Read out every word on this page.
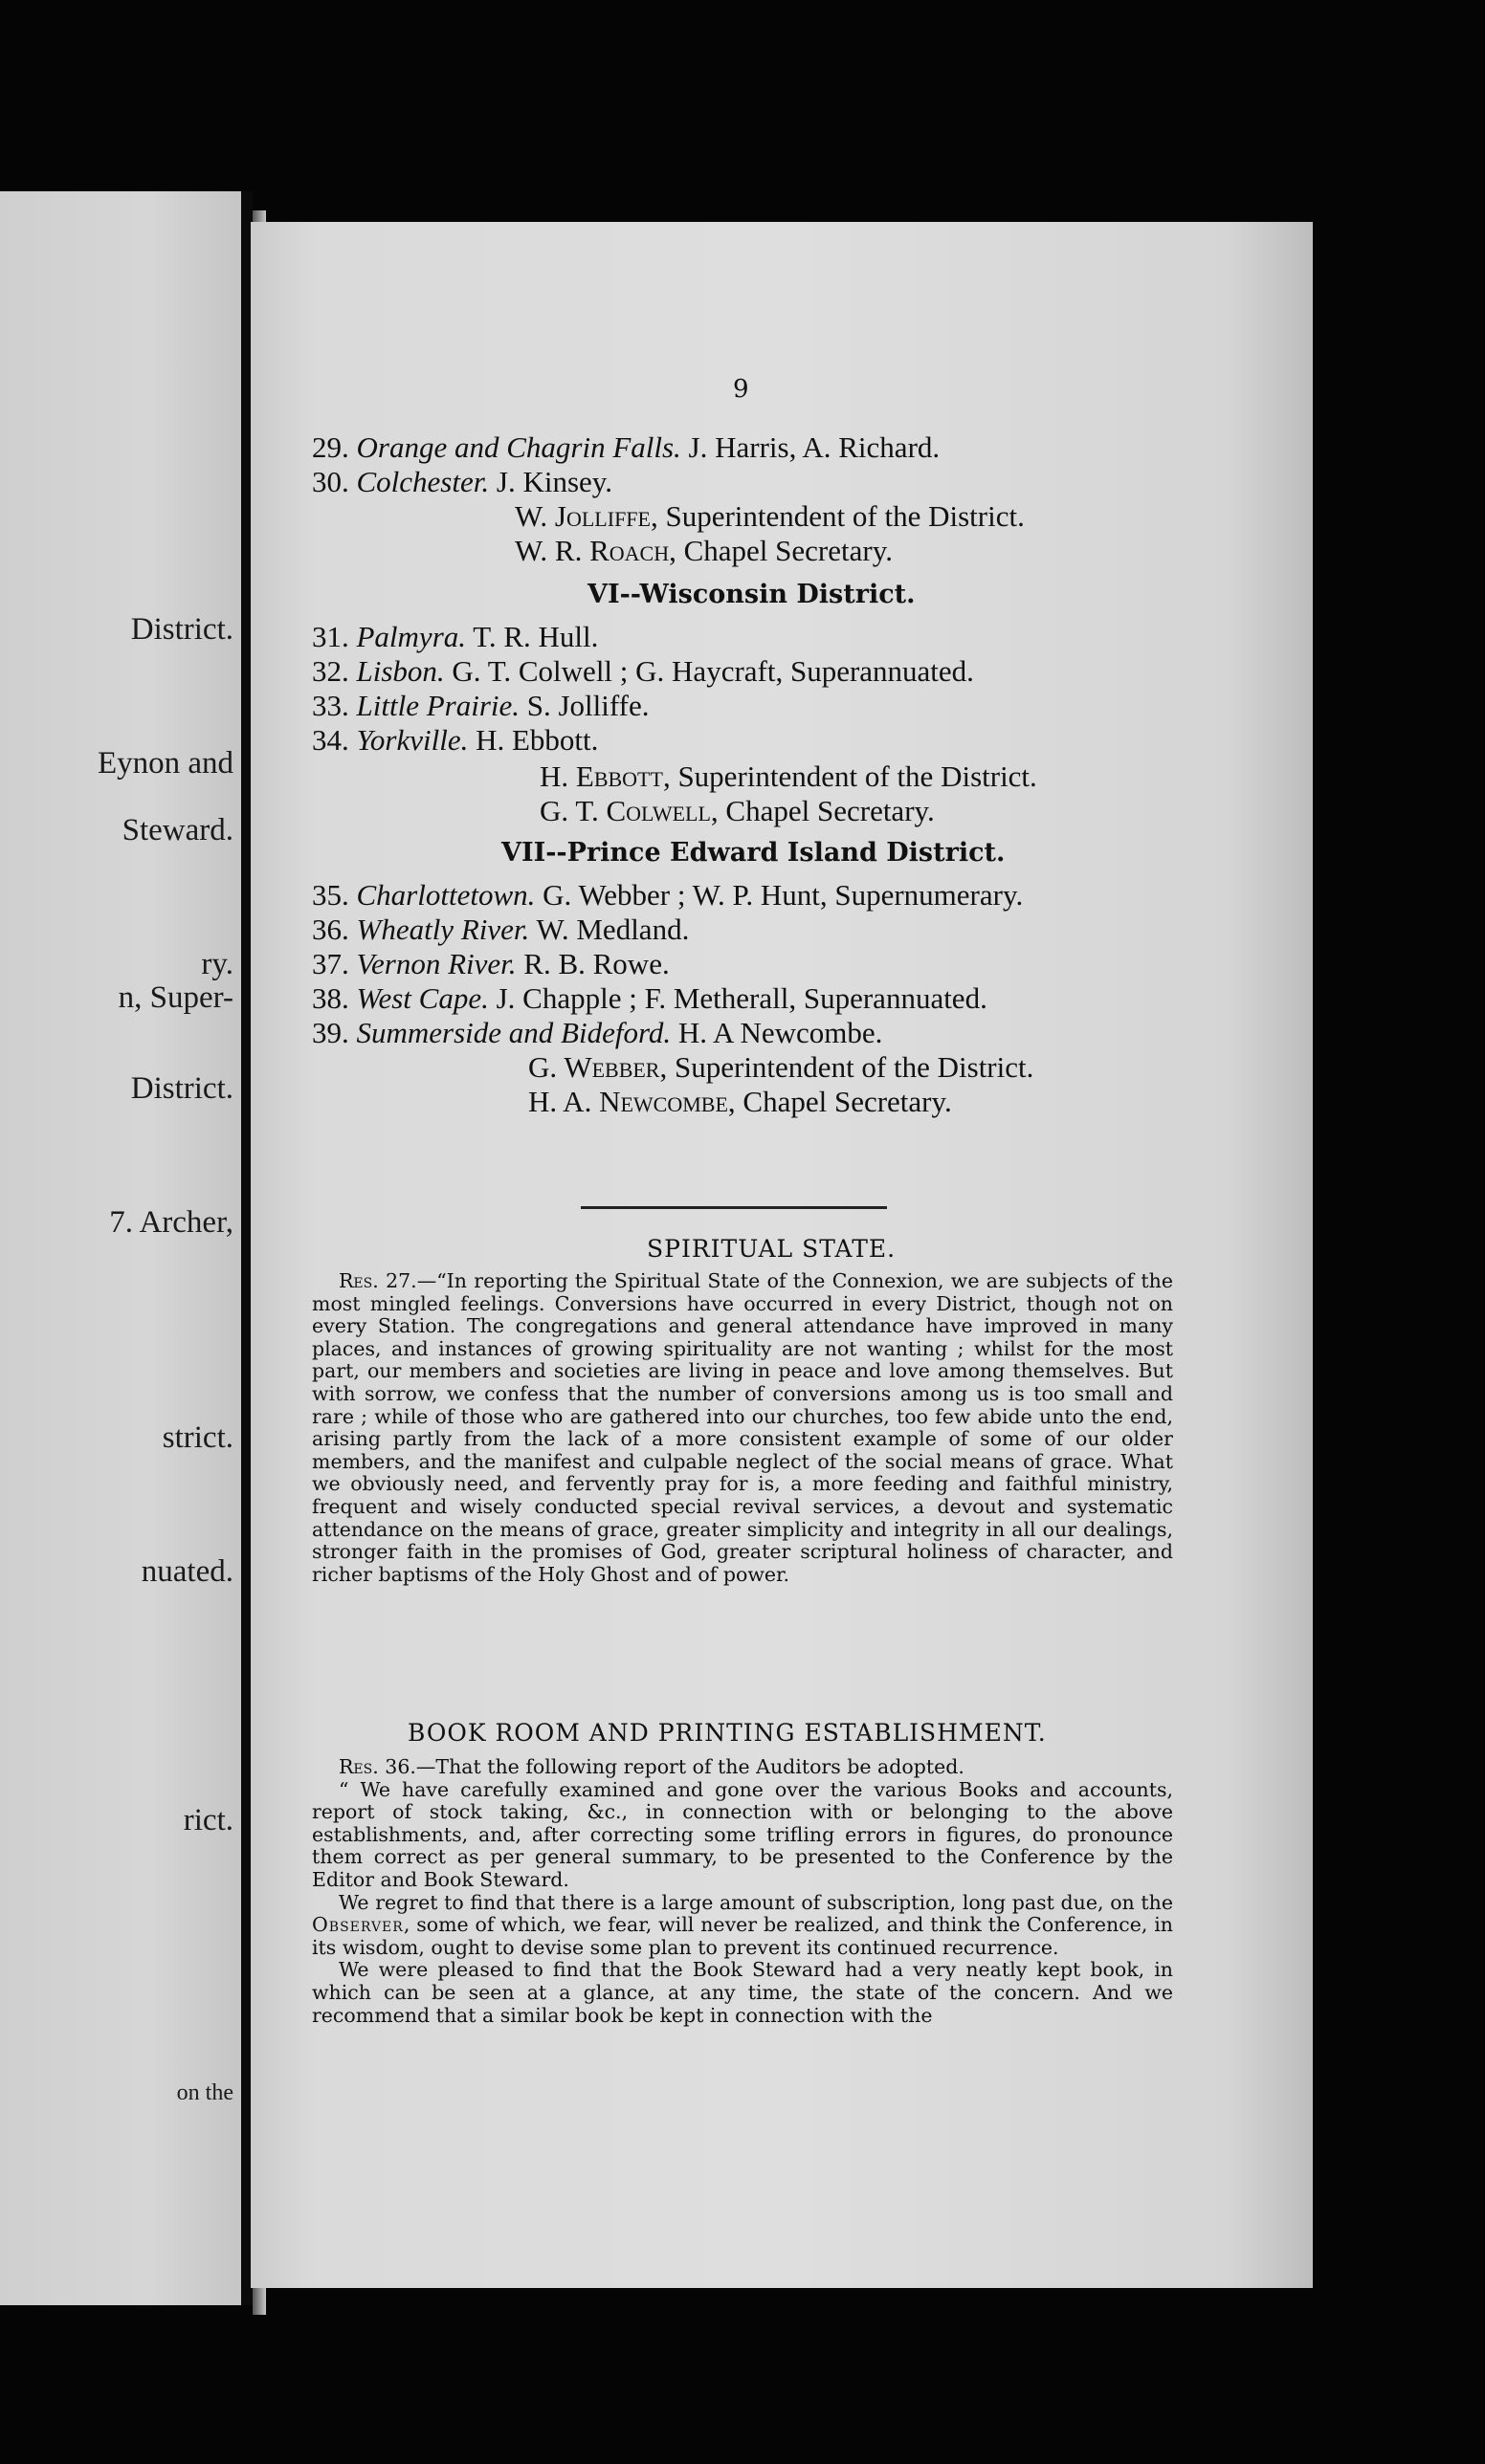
District.
Eynon and
Steward.
ry.
n, Super-
District.
7. Archer,
strict.
nuated.
rict.
on the
9
29. Orange and Chagrin Falls. J. Harris, A. Richard.
30. Colchester. J. Kinsey.
W. Jolliffe, Superintendent of the District.
W. R. Roach, Chapel Secretary.
VI--Wisconsin District.
31. Palmyra. T. R. Hull.
32. Lisbon. G. T. Colwell ; G. Haycraft, Superannuated.
33. Little Prairie. S. Jolliffe.
34. Yorkville. H. Ebbott.
H. Ebbott, Superintendent of the District.
G. T. Colwell, Chapel Secretary.
VII--Prince Edward Island District.
35. Charlottetown. G. Webber ; W. P. Hunt, Supernumerary.
36. Wheatly River. W. Medland.
37. Vernon River. R. B. Rowe.
38. West Cape. J. Chapple ; F. Metherall, Superannuated.
39. Summerside and Bideford. H. A Newcombe.
G. Webber, Superintendent of the District.
H. A. Newcombe, Chapel Secretary.
SPIRITUAL STATE.

Res. 27.—“In reporting the Spiritual State of the Connexion, we are subjects of the most mingled feelings. Conversions have occurred in every District, though not on every Station. The congregations and general attendance have improved in many places, and instances of growing spirituality are not wanting ; whilst for the most part, our members and societies are living in peace and love among themselves. But with sorrow, we confess that the number of conversions among us is too small and rare ; while of those who are gathered into our churches, too few abide unto the end, arising partly from the lack of a more consistent example of some of our older members, and the manifest and culpable neglect of the social means of grace. What we obviously need, and fervently pray for is, a more feeding and faithful ministry, frequent and wisely conducted special revival services, a devout and systematic attendance on the means of grace, greater simplicity and integrity in all our dealings, stronger faith in the promises of God, greater scriptural holiness of character, and richer baptisms of the Holy Ghost and of power.

BOOK ROOM AND PRINTING ESTABLISHMENT.

Res. 36.—That the following report of the Auditors be adopted.

“ We have carefully examined and gone over the various Books and accounts, report of stock taking, &c., in connection with or belonging to the above establishments, and, after correcting some trifling errors in figures, do pronounce them correct as per general summary, to be presented to the Conference by the Editor and Book Steward.

We regret to find that there is a large amount of subscription, long past due, on the Observer, some of which, we fear, will never be realized, and think the Conference, in its wisdom, ought to devise some plan to prevent its continued recurrence.

We were pleased to find that the Book Steward had a very neatly kept book, in which can be seen at a glance, at any time, the state of the concern. And we recommend that a similar book be kept in connection with the
